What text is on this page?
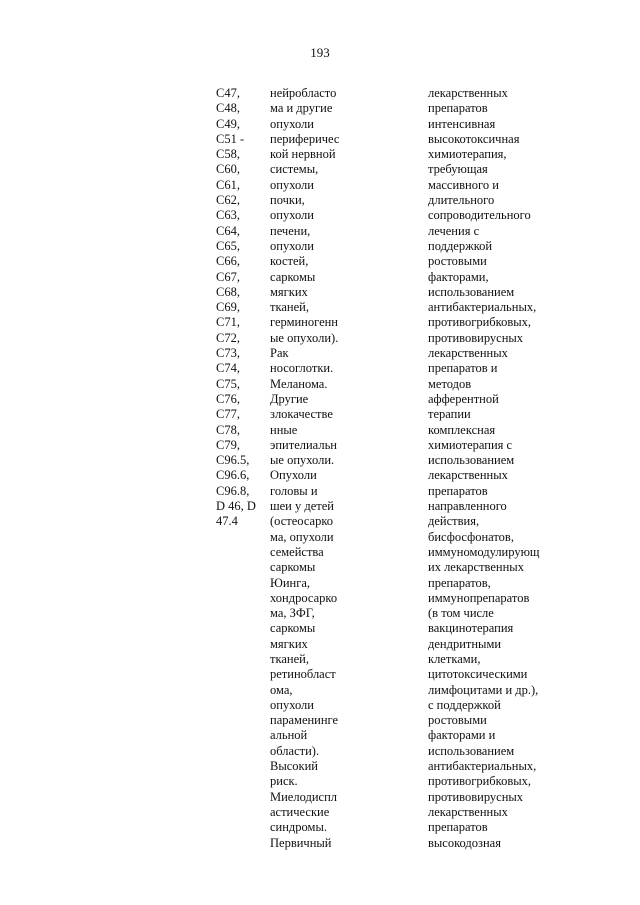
193
C47,
C48,
C49,
C51 -
C58,
C60,
C61,
C62,
C63,
C64,
C65,
C66,
C67,
C68,
C69,
C71,
C72,
C73,
C74,
C75,
C76,
C77,
C78,
C79,
C96.5,
C96.6,
C96.8,
D 46, D
47.4
нейробласто
ма и другие
опухоли
периферичес
кой нервной
системы,
опухоли
почки,
опухоли
печени,
опухоли
костей,
саркомы
мягких
тканей,
герминогенн
ые опухоли).
Рак
носоглотки.
Меланома.
Другие
злокачестве
нные
эпителиальн
ые опухоли.
Опухоли
головы и
шеи у детей
(остеосарко
ма, опухоли
семейства
саркомы
Юинга,
хондросарко
ма, ЗФГ,
саркомы
мягких
тканей,
ретинобласт
ома,
опухоли
параменинге
альной
области).
Высокий
риск.
Миелодиспл
астические
синдромы.
Первичный
лекарственных
препаратов
интенсивная
высокотоксичная
химиотерапия,
требующая
массивного и
длительного
сопроводительного
лечения с
поддержкой
ростовыми
факторами,
использованием
антибактериальных,
противогрибковых,
противовирусных
лекарственных
препаратов и
методов
афферентной
терапии
комплексная
химиотерапия с
использованием
лекарственных
препаратов
направленного
действия,
бисфосфонатов,
иммуномодулирующ
их лекарственных
препаратов,
иммунопрепаратов
(в том числе
вакцинотерапия
дендритными
клетками,
цитотоксическими
лимфоцитами и др.),
с поддержкой
ростовыми
факторами и
использованием
антибактериальных,
противогрибковых,
противовирусных
лекарственных
препаратов
высокодозная
